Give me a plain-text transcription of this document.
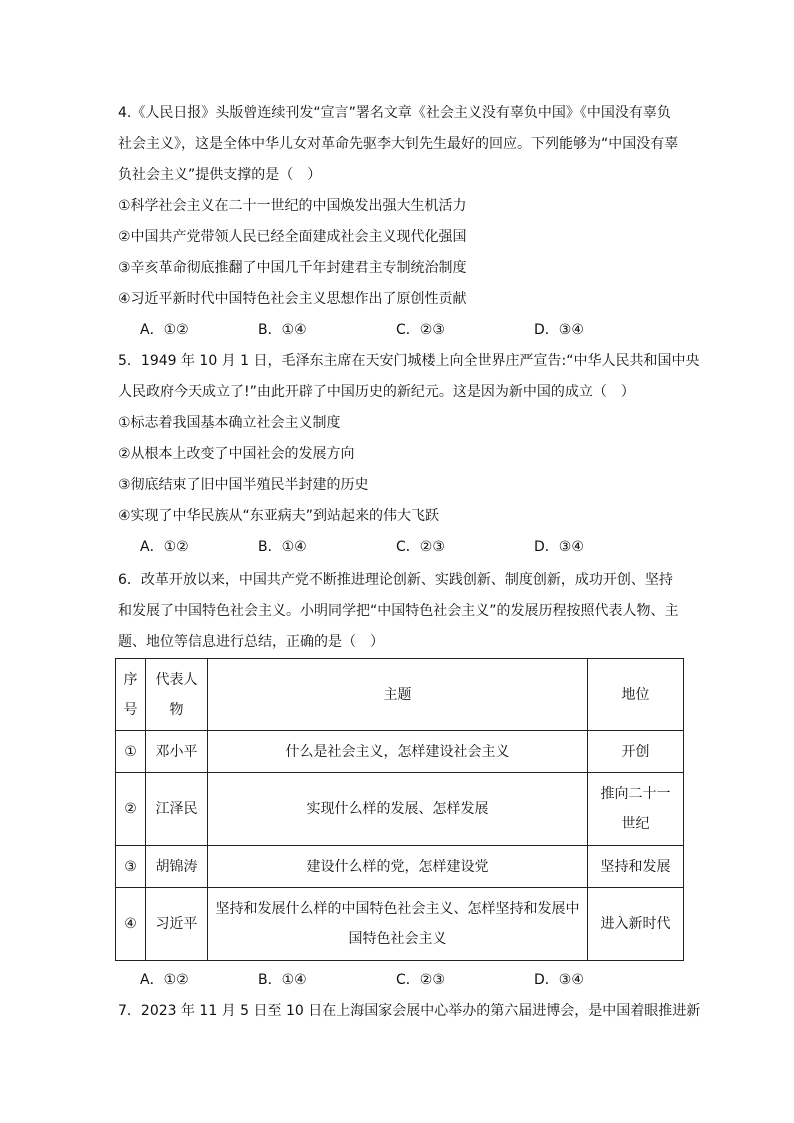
4.《人民日报》头版曾连续刊发“宣言”署名文章《社会主义没有辜负中国》《中国没有辜负
社会主义》，这是全体中华儿女对革命先驱李大钊先生最好的回应。下列能够为“中国没有辜
负社会主义”提供支撑的是（　）
①科学社会主义在二十一世纪的中国焕发出强大生机活力
②中国共产党带领人民已经全面建成社会主义现代化强国
③辛亥革命彻底推翻了中国几千年封建君主专制统治制度
④习近平新时代中国特色社会主义思想作出了原创性贡献
A．①②	B．①④	C．②③	D．③④
5．1949 年 10 月 1 日，毛泽东主席在天安门城楼上向全世界庄严宣告:“中华人民共和国中央
人民政府今天成立了!”由此开辟了中国历史的新纪元。这是因为新中国的成立（　）
①标志着我国基本确立社会主义制度
②从根本上改变了中国社会的发展方向
③彻底结束了旧中国半殖民半封建的历史
④实现了中华民族从“东亚病夫”到站起来的伟大飞跃
A．①②	B．①④	C．②③	D．③④
6．改革开放以来，中国共产党不断推进理论创新、实践创新、制度创新，成功开创、坚持
和发展了中国特色社会主义。小明同学把“中国特色社会主义”的发展历程按照代表人物、主
题、地位等信息进行总结，正确的是（　）
序号	代表人物	主题	地位
①	邓小平	什么是社会主义，怎样建设社会主义	开创
②	江泽民	实现什么样的发展、怎样发展	推向二十一世纪
③	胡锦涛	建设什么样的党，怎样建设党	坚持和发展
④	习近平	坚持和发展什么样的中国特色社会主义、怎样坚持和发展中国特色社会主义	进入新时代
A．①②	B．①④	C．②③	D．③④
7．2023 年 11 月 5 日至 10 日在上海国家会展中心举办的第六届进博会，是中国着眼推进新
